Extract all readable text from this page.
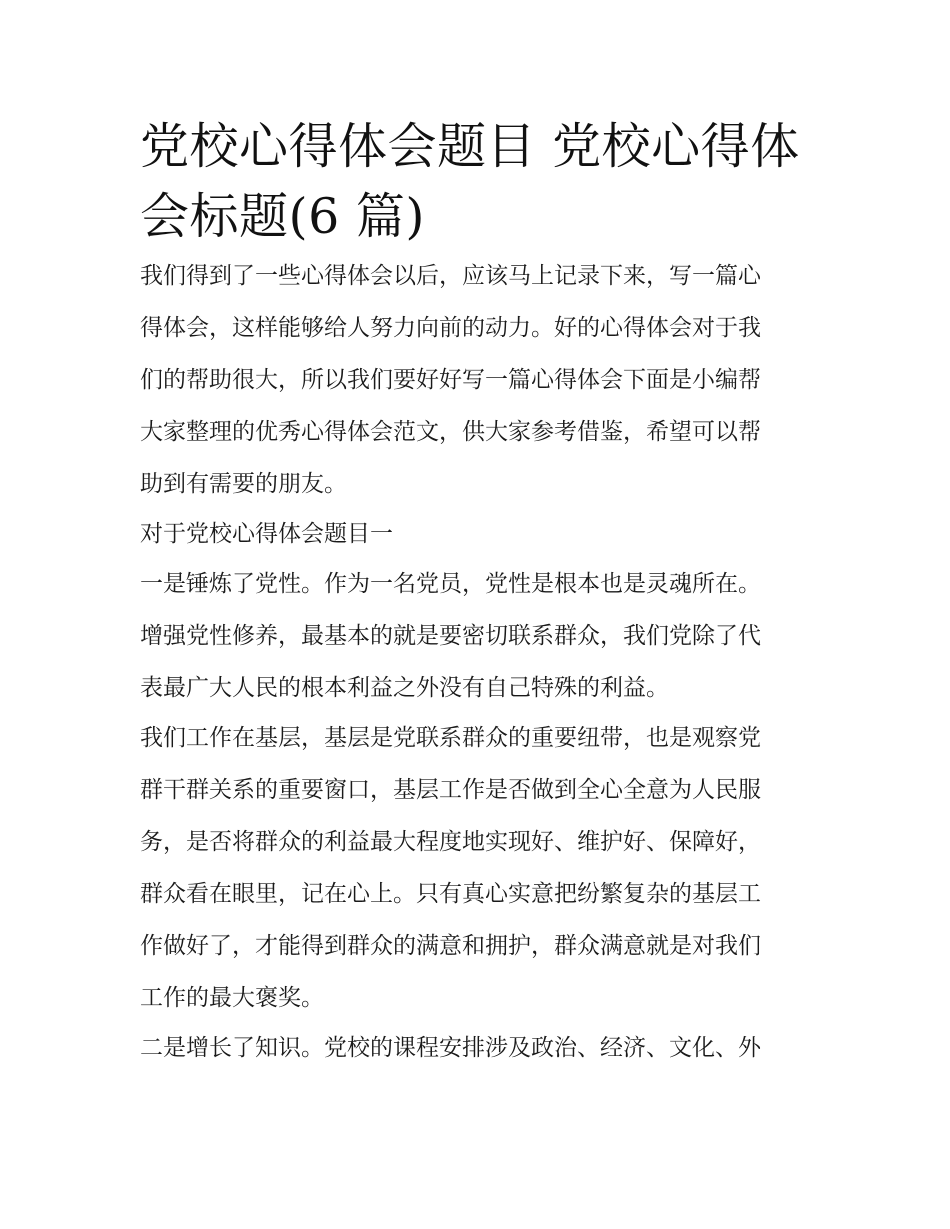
党校心得体会题目 党校心得体
会标题(6 篇)
我们得到了一些心得体会以后，应该马上记录下来，写一篇心
得体会，这样能够给人努力向前的动力。好的心得体会对于我
们的帮助很大，所以我们要好好写一篇心得体会下面是小编帮
大家整理的优秀心得体会范文，供大家参考借鉴，希望可以帮
助到有需要的朋友。
对于党校心得体会题目一
一是锤炼了党性。作为一名党员，党性是根本也是灵魂所在。
增强党性修养，最基本的就是要密切联系群众，我们党除了代
表最广大人民的根本利益之外没有自己特殊的利益。
我们工作在基层，基层是党联系群众的重要纽带，也是观察党
群干群关系的重要窗口，基层工作是否做到全心全意为人民服
务，是否将群众的利益最大程度地实现好、维护好、保障好，
群众看在眼里，记在心上。只有真心实意把纷繁复杂的基层工
作做好了，才能得到群众的满意和拥护，群众满意就是对我们
工作的最大褒奖。
二是增长了知识。党校的课程安排涉及政治、经济、文化、外
